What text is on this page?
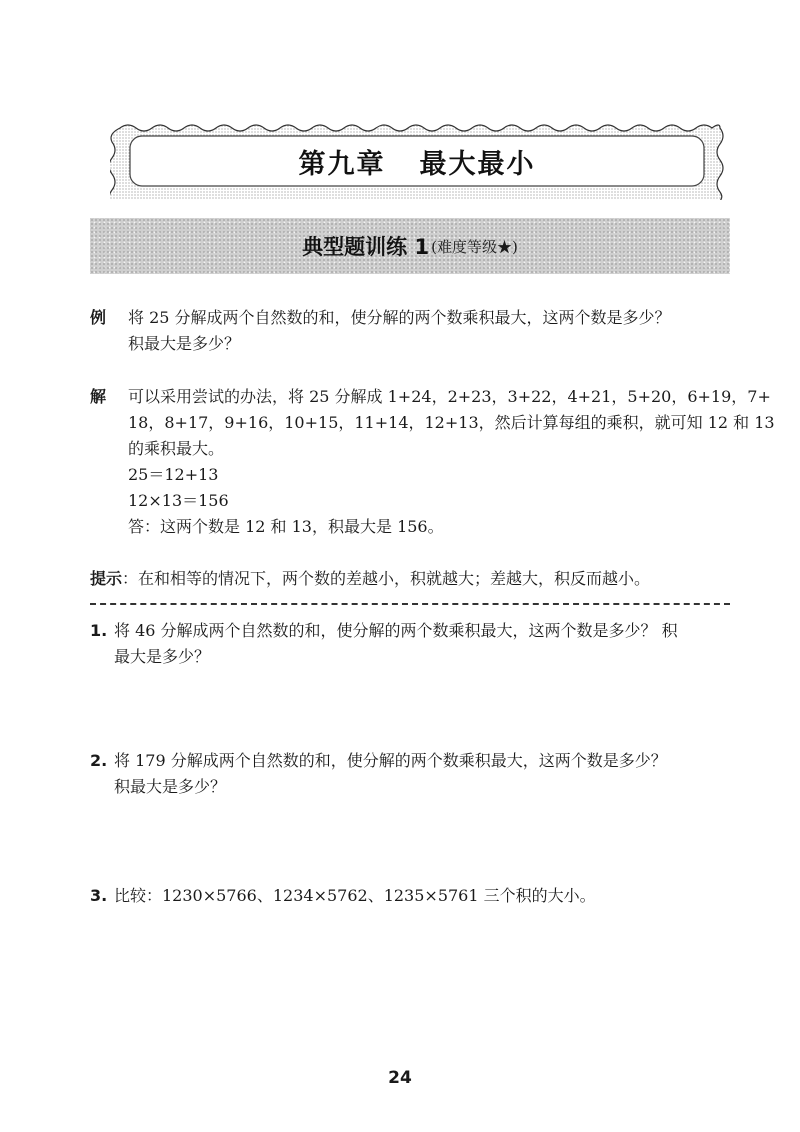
第九章 最大最小
典型题训练 1 (难度等级★)
例	将 25 分解成两个自然数的和，使分解的两个数乘积最大，这两个数是多少？
积最大是多少？
解	可以采用尝试的办法，将 25 分解成 1+24，2+23，3+22，4+21，5+20，6+19，7+
18，8+17，9+16，10+15，11+14，12+13，然后计算每组的乘积，就可知 12 和 13
的乘积最大。
25＝12+13
12×13＝156
答：这两个数是 12 和 13，积最大是 156。
提示：在和相等的情况下，两个数的差越小，积就越大；差越大，积反而越小。
1. 将 46 分解成两个自然数的和，使分解的两个数乘积最大，这两个数是多少？ 积
最大是多少？
2. 将 179 分解成两个自然数的和，使分解的两个数乘积最大，这两个数是多少？
积最大是多少？
3. 比较：1230×5766、1234×5762、1235×5761 三个积的大小。
24
